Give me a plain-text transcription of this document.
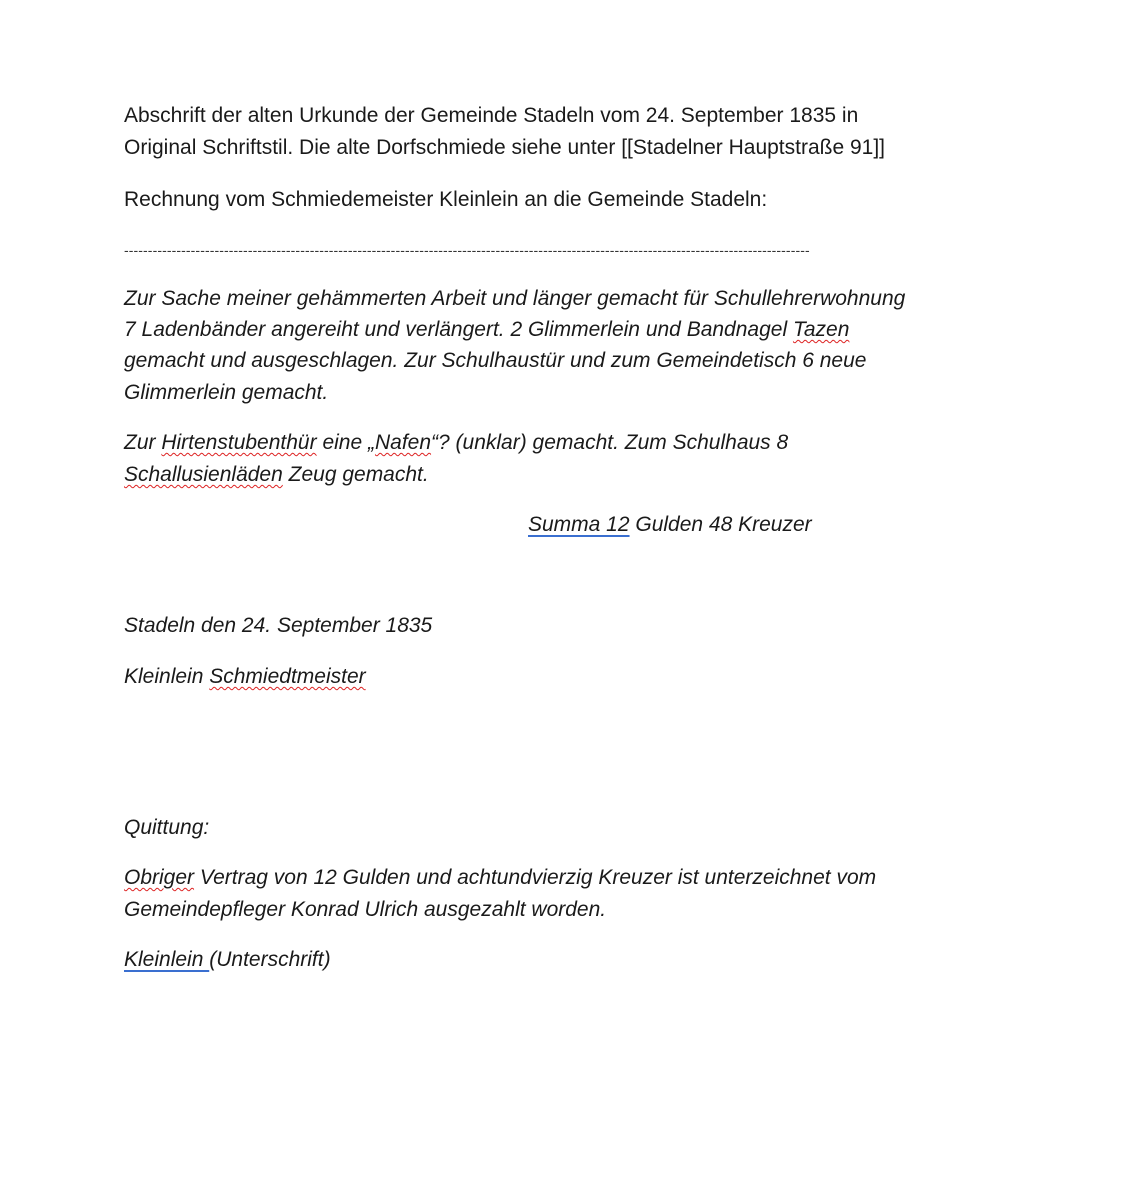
Abschrift der alten Urkunde der Gemeinde Stadeln vom 24. September 1835 in
Original Schriftstil. Die alte Dorfschmiede siehe unter [[Stadelner Hauptstraße 91]]
Rechnung vom Schmiedemeister Kleinlein an die Gemeinde Stadeln:
------------------------------------------------------------------------------------------------------------------------------------------------
Zur Sache meiner gehämmerten Arbeit und länger gemacht für Schullehrerwohnung
7 Ladenbänder angereiht und verlängert. 2 Glimmerlein und Bandnagel Tazen
gemacht und ausgeschlagen. Zur Schulhaustür und zum Gemeindetisch 6 neue
Glimmerlein gemacht.
Zur Hirtenstubenthür eine „Nafen“? (unklar) gemacht. Zum Schulhaus 8
Schallusienläden Zeug gemacht.
Summa 12 Gulden 48 Kreuzer
Stadeln den 24. September 1835
Kleinlein Schmiedtmeister
Quittung:
Obriger Vertrag von 12 Gulden und achtundvierzig Kreuzer ist unterzeichnet vom
Gemeindepfleger Konrad Ulrich ausgezahlt worden.
Kleinlein (Unterschrift)
